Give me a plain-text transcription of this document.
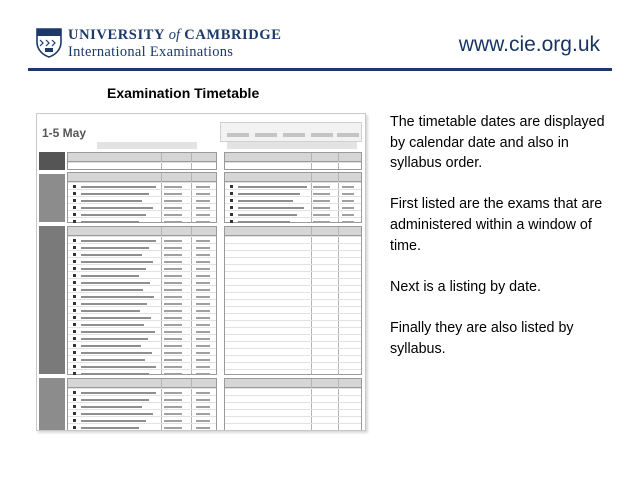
UNIVERSITY of CAMBRIDGE
International Examinations	www.cie.org.uk
Examination Timetable
1-5 May

The timetable dates are displayed by calendar date and also in syllabus order.

First listed are the exams that are administered within a window of time.

Next is a listing by date.

Finally they are also listed by syllabus.
